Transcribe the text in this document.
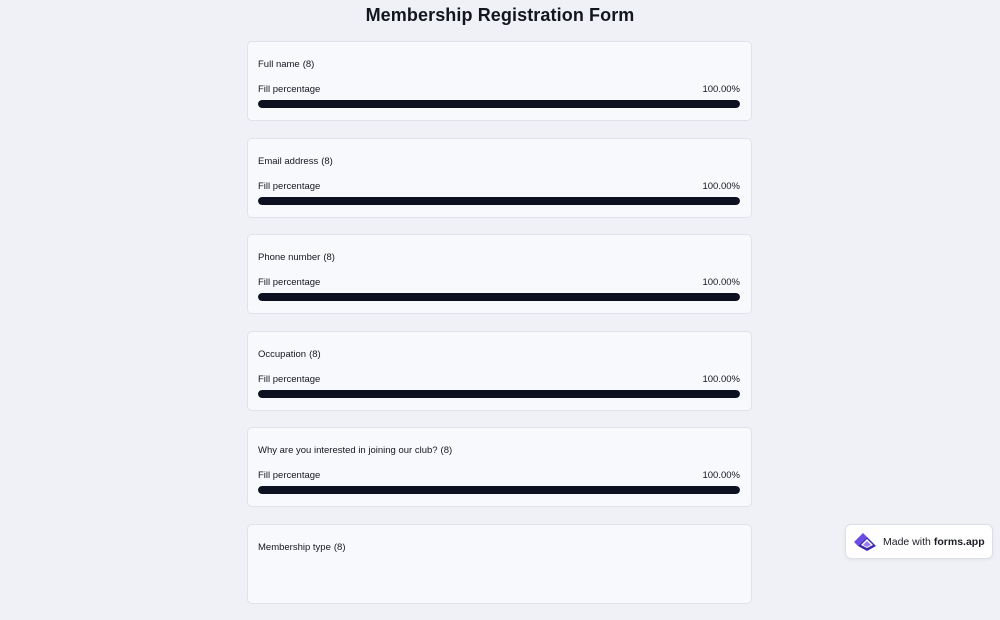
Membership Registration Form
Full name (8)
Fill percentage	100.00%
Email address (8)
Fill percentage	100.00%
Phone number (8)
Fill percentage	100.00%
Occupation (8)
Fill percentage	100.00%
Why are you interested in joining our club? (8)
Fill percentage	100.00%
Membership type (8)	Made with forms.app
